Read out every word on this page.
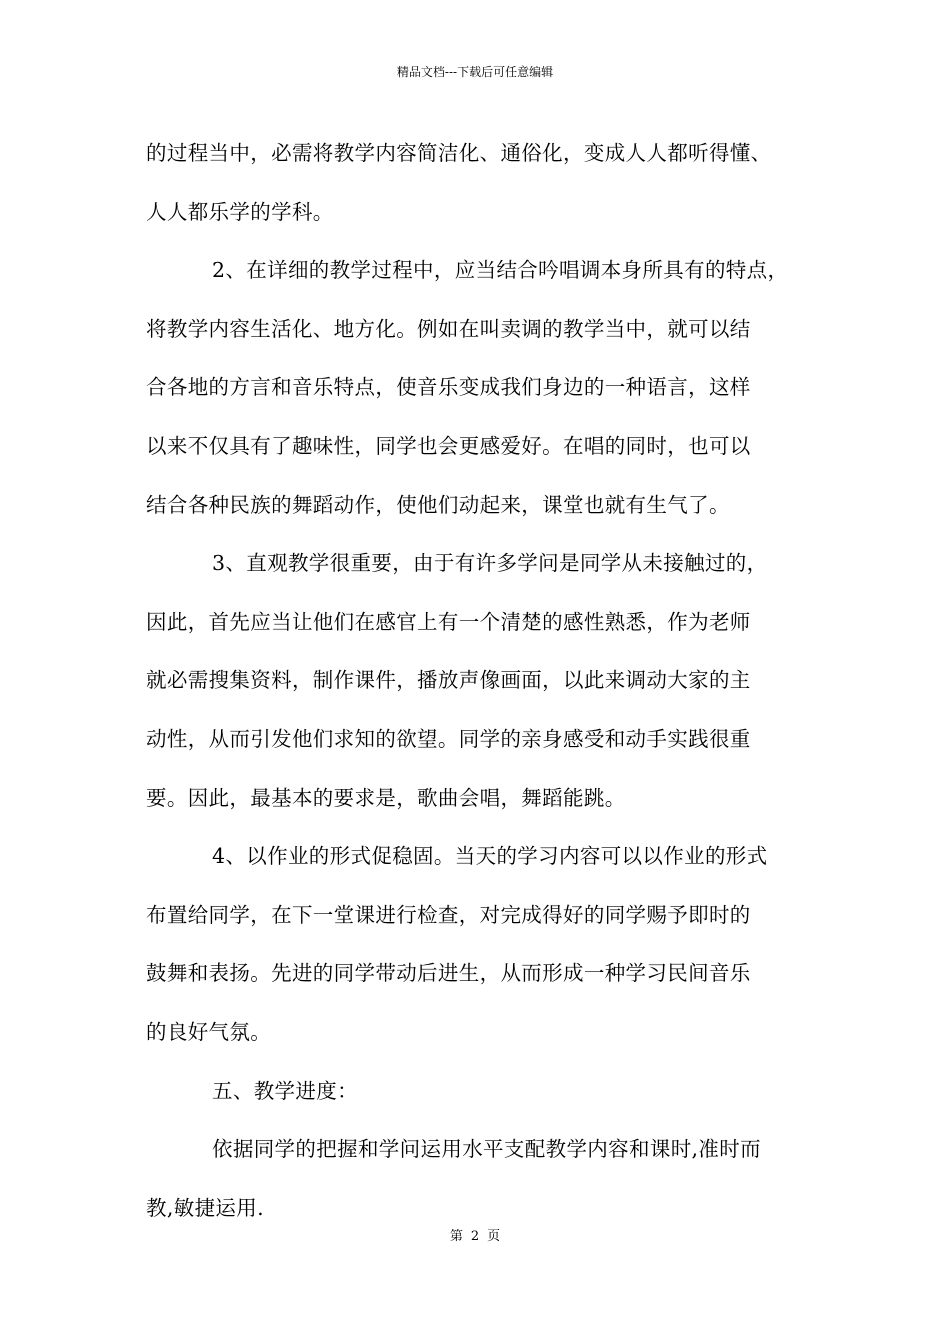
精品文档---下载后可任意编辑
的过程当中，必需将教学内容简洁化、通俗化，变成人人都听得懂、
人人都乐学的学科。
2、在详细的教学过程中，应当结合吟唱调本身所具有的特点，
将教学内容生活化、地方化。例如在叫卖调的教学当中，就可以结
合各地的方言和音乐特点，使音乐变成我们身边的一种语言，这样
以来不仅具有了趣味性，同学也会更感爱好。在唱的同时，也可以
结合各种民族的舞蹈动作，使他们动起来，课堂也就有生气了。
3、直观教学很重要，由于有许多学问是同学从未接触过的，
因此，首先应当让他们在感官上有一个清楚的感性熟悉，作为老师
就必需搜集资料，制作课件，播放声像画面，以此来调动大家的主
动性，从而引发他们求知的欲望。同学的亲身感受和动手实践很重
要。因此，最基本的要求是，歌曲会唱，舞蹈能跳。
4、以作业的形式促稳固。当天的学习内容可以以作业的形式
布置给同学，在下一堂课进行检查，对完成得好的同学赐予即时的
鼓舞和表扬。先进的同学带动后进生，从而形成一种学习民间音乐
的良好气氛。
五、教学进度：
依据同学的把握和学问运用水平支配教学内容和课时,准时而
教,敏捷运用.
第 2 页
